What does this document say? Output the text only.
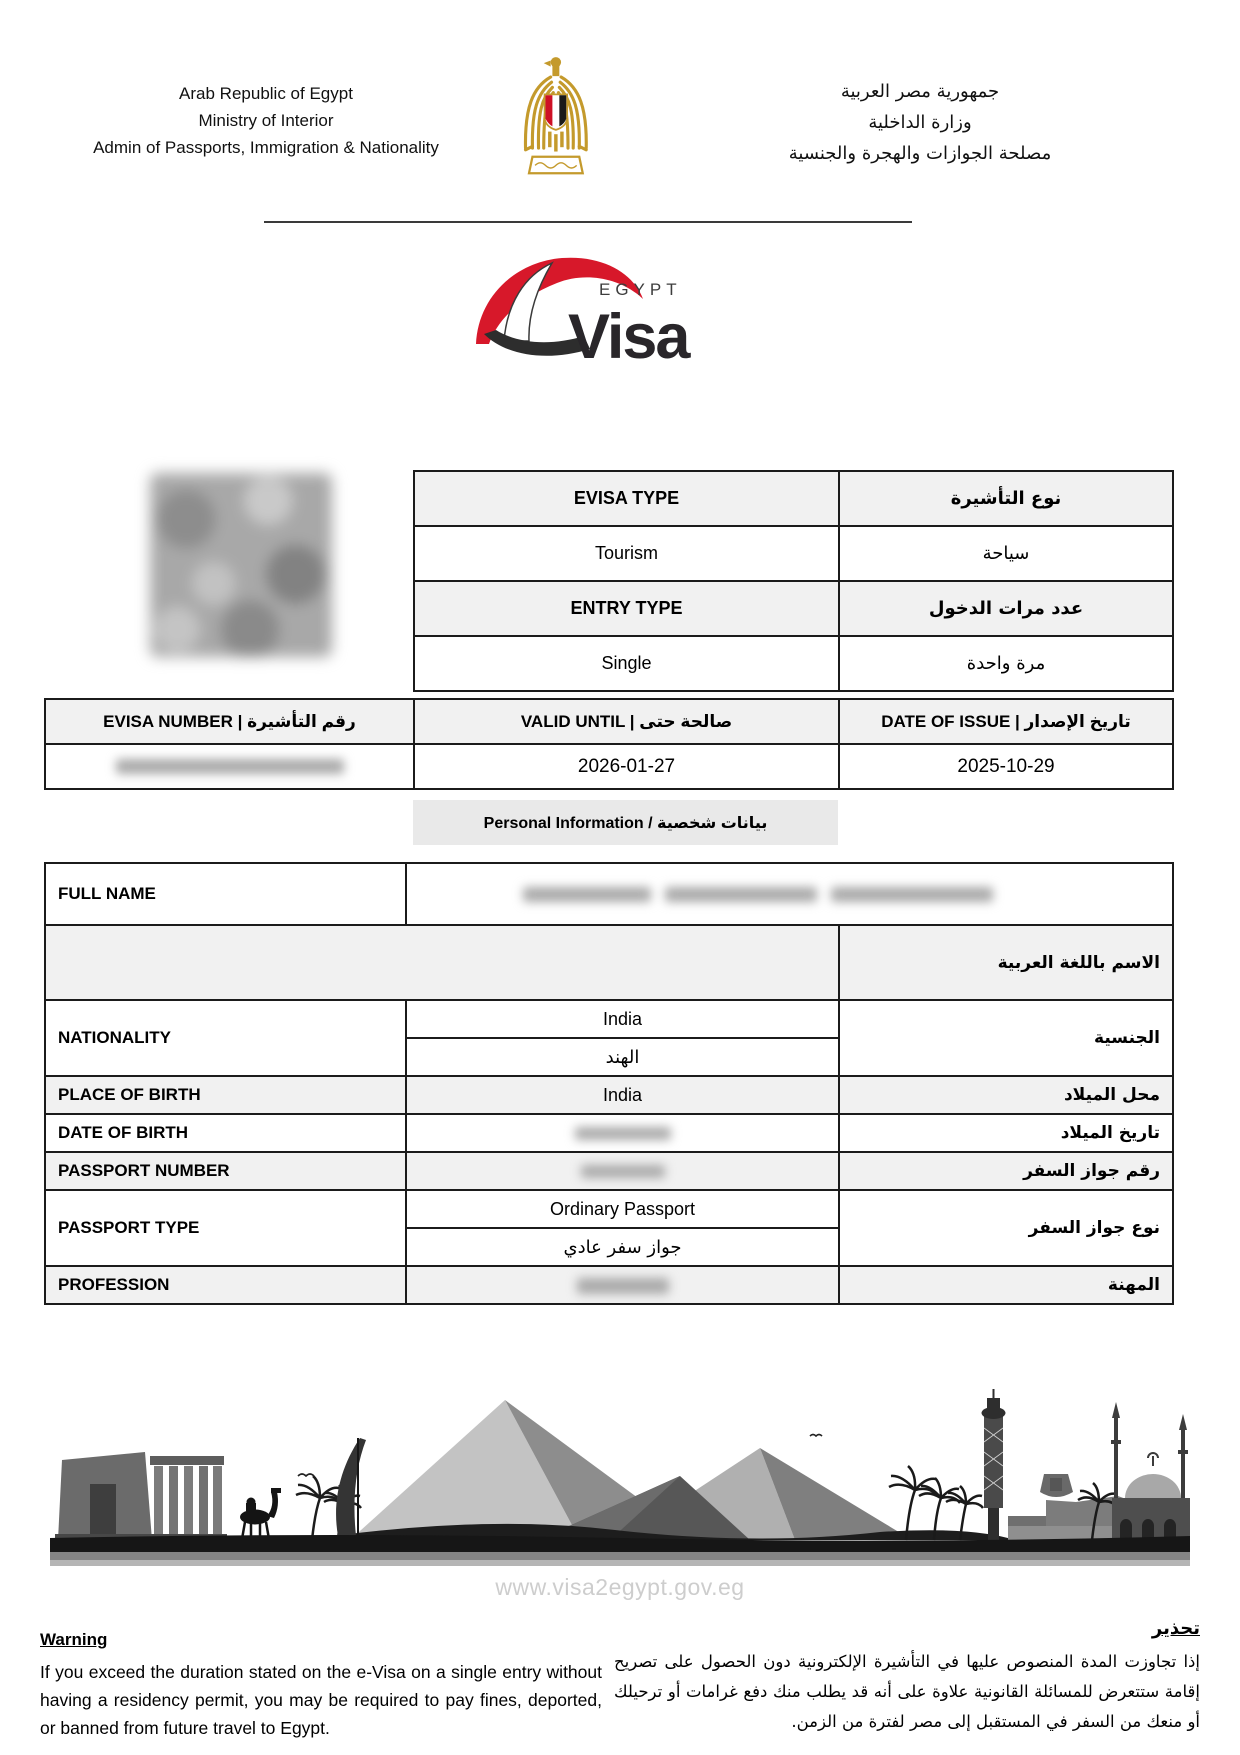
Arab Republic of Egypt
Ministry of Interior
Admin of Passports, Immigration & Nationality
جمهورية مصر العربية
وزارة الداخلية
مصلحة الجوازات والهجرة والجنسية
Visa
EGYPT
EVISA TYPE	نوع التأشيرة
Tourism	سياحة
ENTRY TYPE	عدد مرات الدخول
Single	مرة واحدة
EVISA NUMBER | رقم التأشيرة	VALID UNTIL | صالحة حتى	DATE OF ISSUE | تاريخ الإصدار
	2026-01-27	2025-10-29
Personal Information / بيانات شخصية
FULL NAME		

		الاسم باللغة العربية
NATIONALITY	India	الجنسية
	الهند	
PLACE OF BIRTH	India	محل الميلاد
DATE OF BIRTH		تاريخ الميلاد
PASSPORT NUMBER		رقم جواز السفر
PASSPORT TYPE	Ordinary Passport	نوع جواز السفر
	جواز سفر عادي	
PROFESSION		المهنة
www.visa2egypt.gov.eg
Warning
If you exceed the duration stated on the e-Visa on a single entry without having a residency permit, you may be required to pay fines, deported, or banned from future travel to Egypt.
تحذير
إذا تجاوزت المدة المنصوص عليها في التأشيرة الإلكترونية دون الحصول على تصريح إقامة ستتعرض للمسائلة القانونية علاوة على أنه قد يطلب منك دفع غرامات أو ترحيلك أو منعك من السفر في المستقبل إلى مصر لفترة من الزمن.
